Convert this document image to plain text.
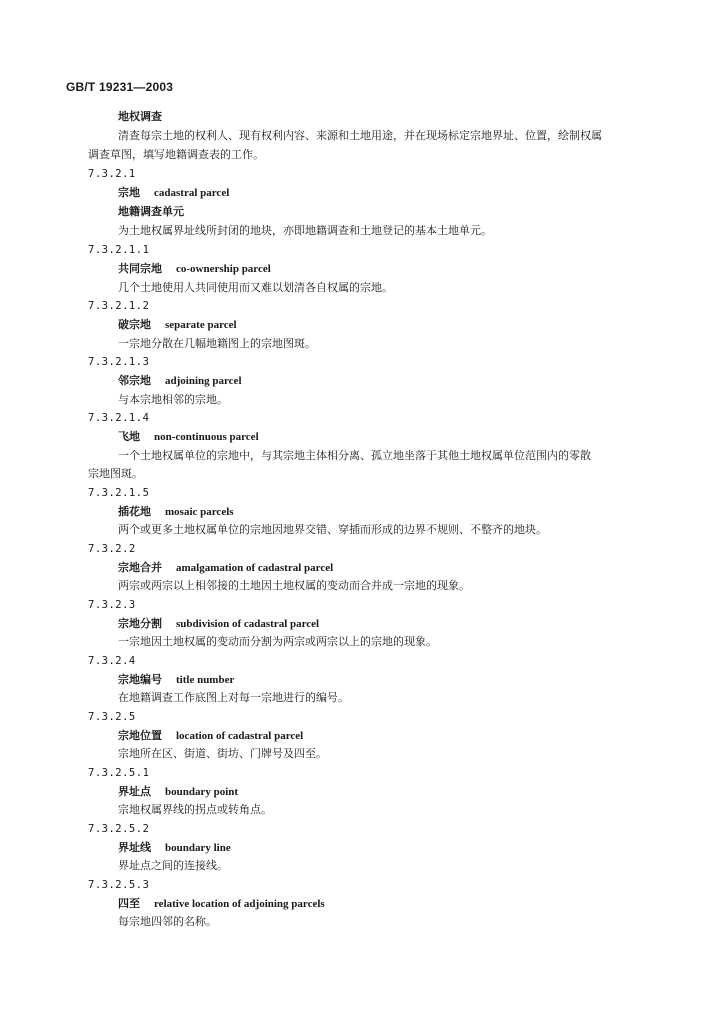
GB/T 19231—2003
地权调查
清查每宗土地的权利人、现有权利内容、来源和土地用途，并在现场标定宗地界址、位置，绘制权属
调查草图，填写地籍调查表的工作。
7.3.2.1
宗地 cadastral parcel
地籍调查单元
为土地权属界址线所封闭的地块，亦即地籍调查和土地登记的基本土地单元。
7.3.2.1.1
共同宗地 co-ownership parcel
几个土地使用人共同使用而又难以划清各自权属的宗地。
7.3.2.1.2
破宗地 separate parcel
一宗地分散在几幅地籍图上的宗地图斑。
7.3.2.1.3
邻宗地 adjoining parcel
与本宗地相邻的宗地。
7.3.2.1.4
飞地 non-continuous parcel
一个土地权属单位的宗地中，与其宗地主体相分离、孤立地坐落于其他土地权属单位范围内的零散
宗地图斑。
7.3.2.1.5
插花地 mosaic parcels
两个或更多土地权属单位的宗地因地界交错、穿插而形成的边界不规则、不整齐的地块。
7.3.2.2
宗地合并 amalgamation of cadastral parcel
两宗或两宗以上相邻接的土地因土地权属的变动而合并成一宗地的现象。
7.3.2.3
宗地分割 subdivision of cadastral parcel
一宗地因土地权属的变动而分割为两宗或两宗以上的宗地的现象。
7.3.2.4
宗地编号 title number
在地籍调查工作底图上对每一宗地进行的编号。
7.3.2.5
宗地位置 location of cadastral parcel
宗地所在区、街道、街坊、门牌号及四至。
7.3.2.5.1
界址点 boundary point
宗地权属界线的拐点或转角点。
7.3.2.5.2
界址线 boundary line
界址点之间的连接线。
7.3.2.5.3
四至 relative location of adjoining parcels
每宗地四邻的名称。
